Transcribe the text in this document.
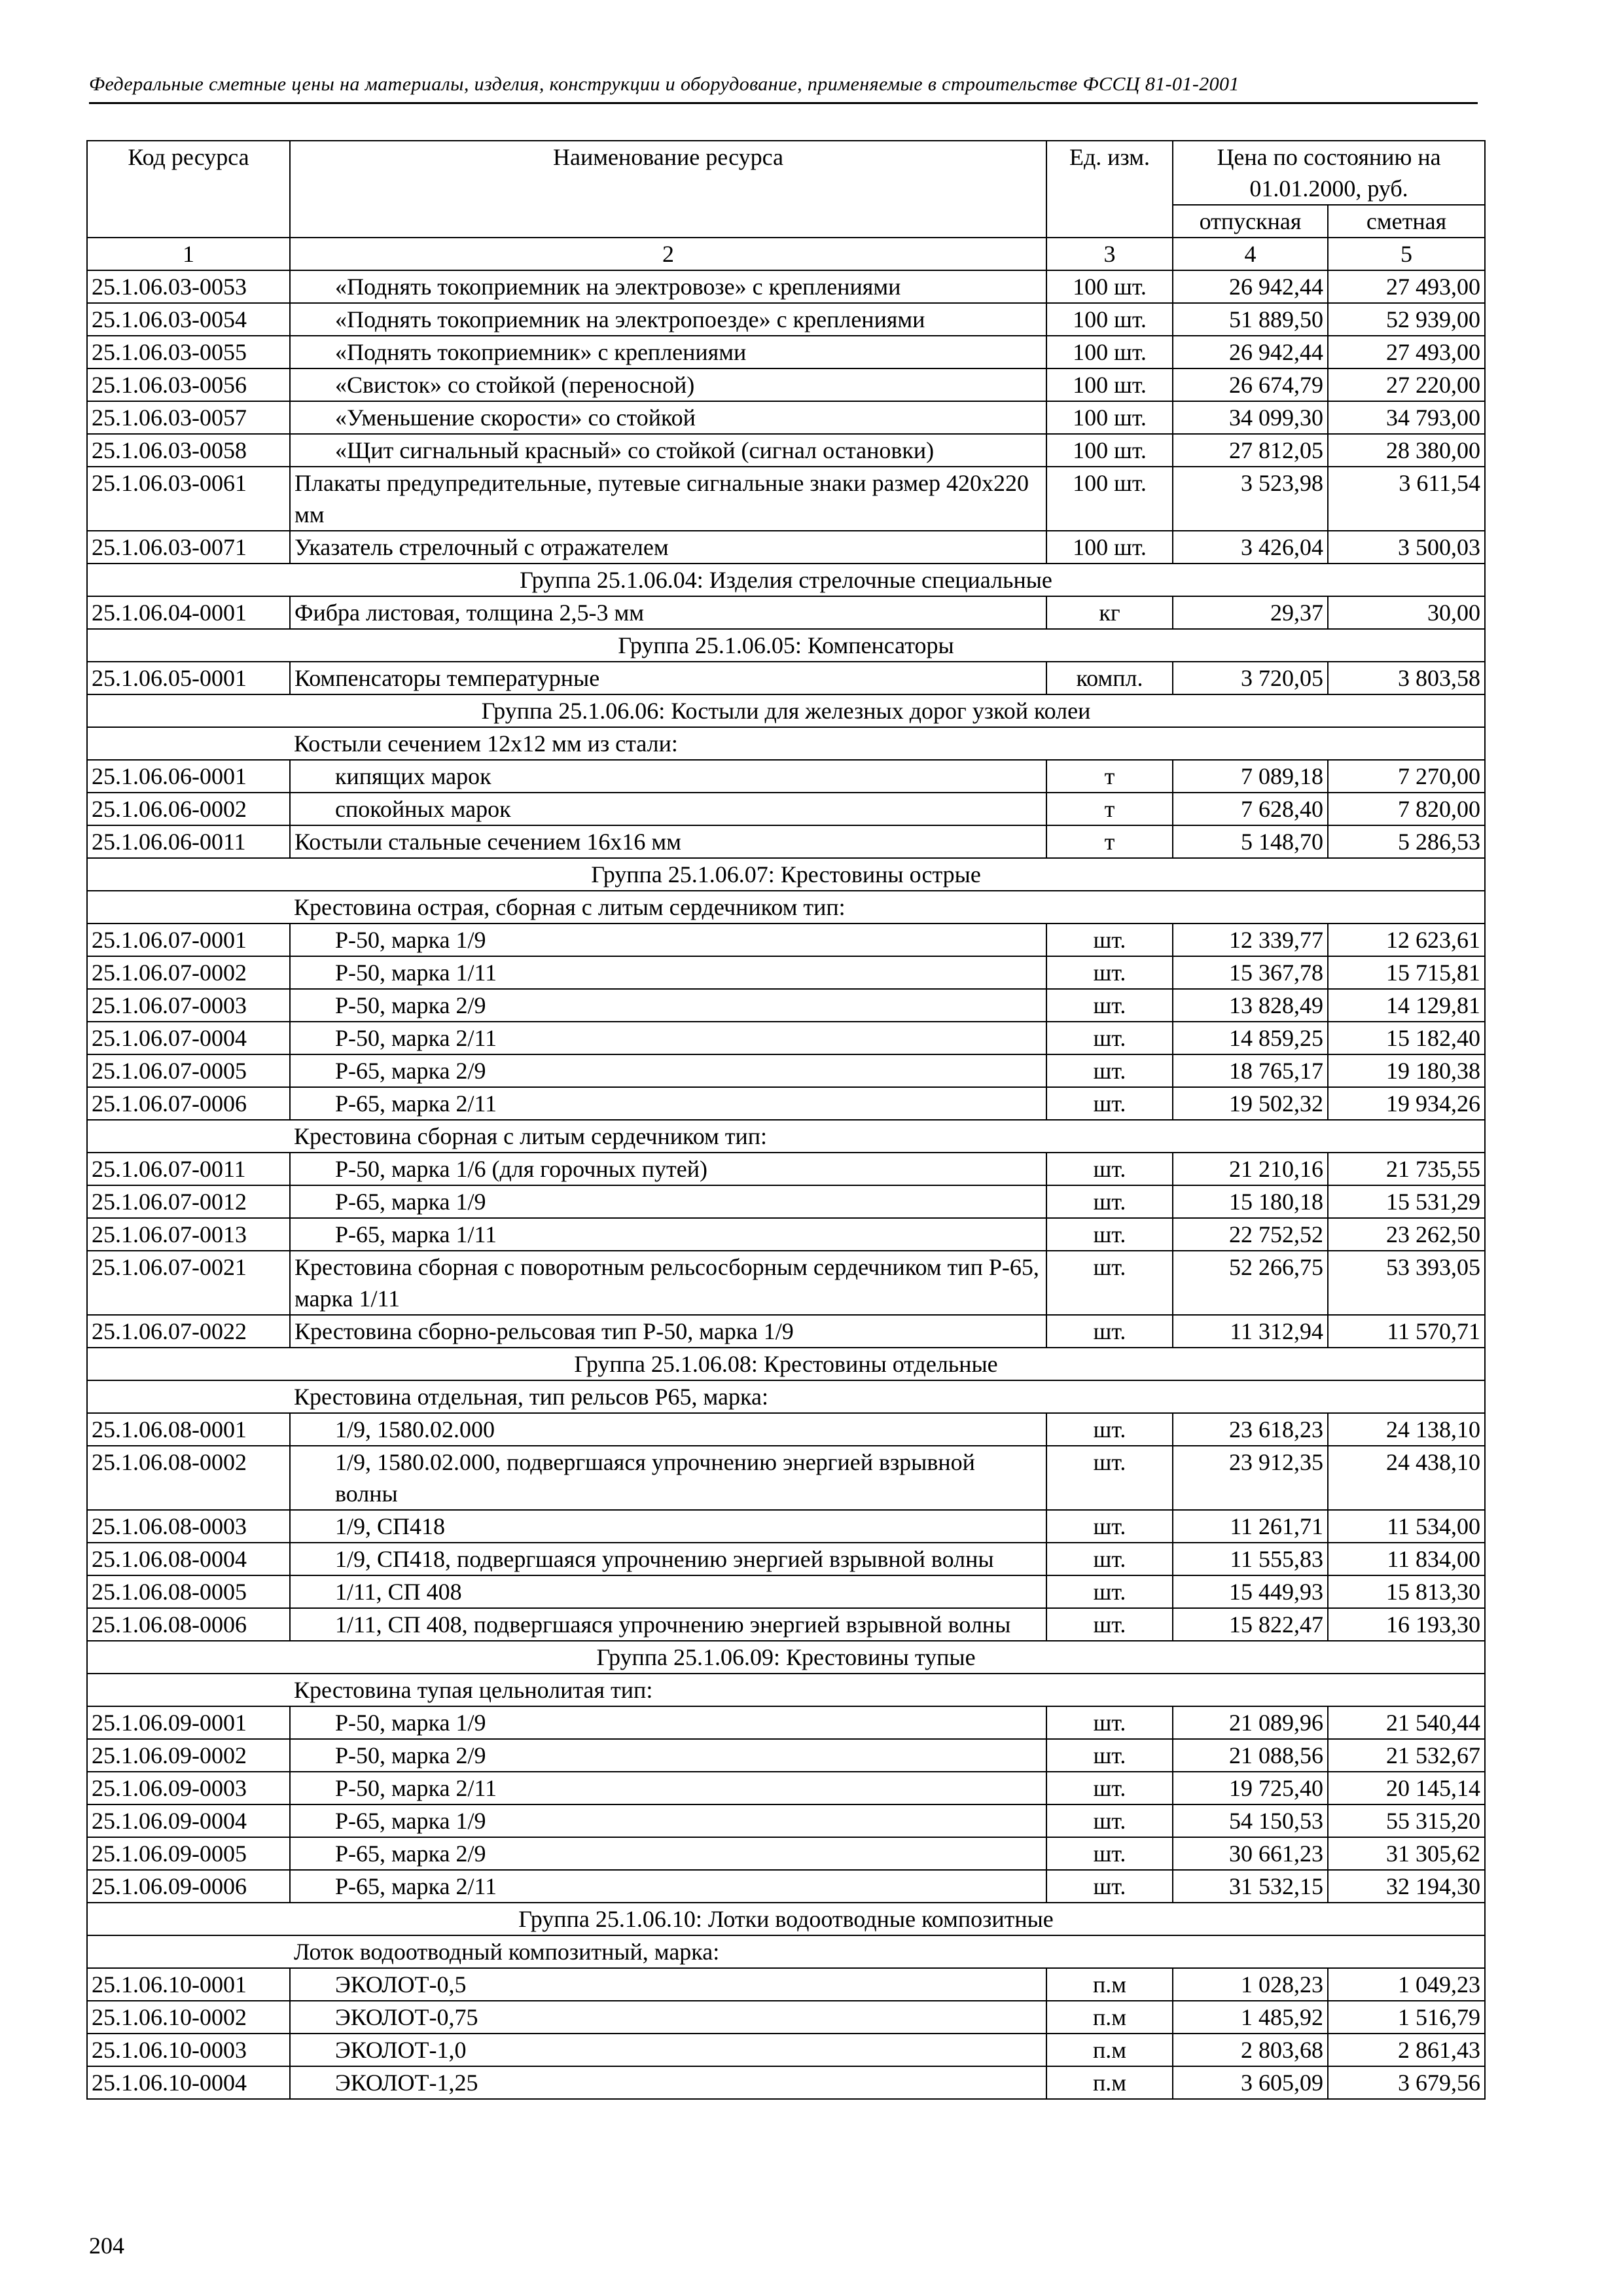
Федеральные сметные цены на материалы, изделия, конструкции и оборудование, применяемые в строительстве ФССЦ 81-01-2001
Код ресурса	Наименование ресурса	Ед. изм.	Цена по состоянию на 01.01.2000, руб.	
			отпускная	сметная
1	2	3	4	5
25.1.06.03-0053	«Поднять токоприемник на электровозе» с креплениями	100 шт.	26 942,44	27 493,00
25.1.06.03-0054	«Поднять токоприемник на электропоезде» с креплениями	100 шт.	51 889,50	52 939,00
25.1.06.03-0055	«Поднять токоприемник» с креплениями	100 шт.	26 942,44	27 493,00
25.1.06.03-0056	«Свисток» со стойкой (переносной)	100 шт.	26 674,79	27 220,00
25.1.06.03-0057	«Уменьшение скорости» со стойкой	100 шт.	34 099,30	34 793,00
25.1.06.03-0058	«Щит сигнальный красный» со стойкой (сигнал остановки)	100 шт.	27 812,05	28 380,00
25.1.06.03-0061	Плакаты предупредительные, путевые сигнальные знаки размер 420х220 мм	100 шт.	3 523,98	3 611,54
25.1.06.03-0071	Указатель стрелочный с отражателем	100 шт.	3 426,04	3 500,03
Группа 25.1.06.04: Изделия стрелочные специальные				
25.1.06.04-0001	Фибра листовая, толщина 2,5-3 мм	кг	29,37	30,00
Группа 25.1.06.05: Компенсаторы				
25.1.06.05-0001	Компенсаторы температурные	компл.	3 720,05	3 803,58
Группа 25.1.06.06: Костыли для железных дорог узкой колеи				
	Костыли сечением 12х12 мм из стали:			
25.1.06.06-0001	кипящих марок	т	7 089,18	7 270,00
25.1.06.06-0002	спокойных марок	т	7 628,40	7 820,00
25.1.06.06-0011	Костыли стальные сечением 16х16 мм	т	5 148,70	5 286,53
Группа 25.1.06.07: Крестовины острые				
	Крестовина острая, сборная с литым сердечником тип:			
25.1.06.07-0001	Р-50, марка 1/9	шт.	12 339,77	12 623,61
25.1.06.07-0002	Р-50, марка 1/11	шт.	15 367,78	15 715,81
25.1.06.07-0003	Р-50, марка 2/9	шт.	13 828,49	14 129,81
25.1.06.07-0004	Р-50, марка 2/11	шт.	14 859,25	15 182,40
25.1.06.07-0005	Р-65, марка 2/9	шт.	18 765,17	19 180,38
25.1.06.07-0006	Р-65, марка 2/11	шт.	19 502,32	19 934,26
	Крестовина сборная с литым сердечником тип:			
25.1.06.07-0011	Р-50, марка 1/6 (для горочных путей)	шт.	21 210,16	21 735,55
25.1.06.07-0012	Р-65, марка 1/9	шт.	15 180,18	15 531,29
25.1.06.07-0013	Р-65, марка 1/11	шт.	22 752,52	23 262,50
25.1.06.07-0021	Крестовина сборная с поворотным рельсосборным сердечником тип Р-65, марка 1/11	шт.	52 266,75	53 393,05
25.1.06.07-0022	Крестовина сборно-рельсовая тип Р-50, марка 1/9	шт.	11 312,94	11 570,71
Группа 25.1.06.08: Крестовины отдельные				
	Крестовина отдельная, тип рельсов Р65, марка:			
25.1.06.08-0001	1/9, 1580.02.000	шт.	23 618,23	24 138,10
25.1.06.08-0002	1/9, 1580.02.000, подвергшаяся упрочнению энергией взрывной волны	шт.	23 912,35	24 438,10
25.1.06.08-0003	1/9, СП418	шт.	11 261,71	11 534,00
25.1.06.08-0004	1/9, СП418, подвергшаяся упрочнению энергией взрывной волны	шт.	11 555,83	11 834,00
25.1.06.08-0005	1/11, СП 408	шт.	15 449,93	15 813,30
25.1.06.08-0006	1/11, СП 408, подвергшаяся упрочнению энергией взрывной волны	шт.	15 822,47	16 193,30
Группа 25.1.06.09: Крестовины тупые				
	Крестовина тупая цельнолитая тип:			
25.1.06.09-0001	Р-50, марка 1/9	шт.	21 089,96	21 540,44
25.1.06.09-0002	Р-50, марка 2/9	шт.	21 088,56	21 532,67
25.1.06.09-0003	Р-50, марка 2/11	шт.	19 725,40	20 145,14
25.1.06.09-0004	Р-65, марка 1/9	шт.	54 150,53	55 315,20
25.1.06.09-0005	Р-65, марка 2/9	шт.	30 661,23	31 305,62
25.1.06.09-0006	Р-65, марка 2/11	шт.	31 532,15	32 194,30
Группа 25.1.06.10: Лотки водоотводные композитные				
	Лоток водоотводный композитный, марка:			
25.1.06.10-0001	ЭКОЛОТ-0,5	п.м	1 028,23	1 049,23
25.1.06.10-0002	ЭКОЛОТ-0,75	п.м	1 485,92	1 516,79
25.1.06.10-0003	ЭКОЛОТ-1,0	п.м	2 803,68	2 861,43
25.1.06.10-0004	ЭКОЛОТ-1,25	п.м	3 605,09	3 679,56
204
